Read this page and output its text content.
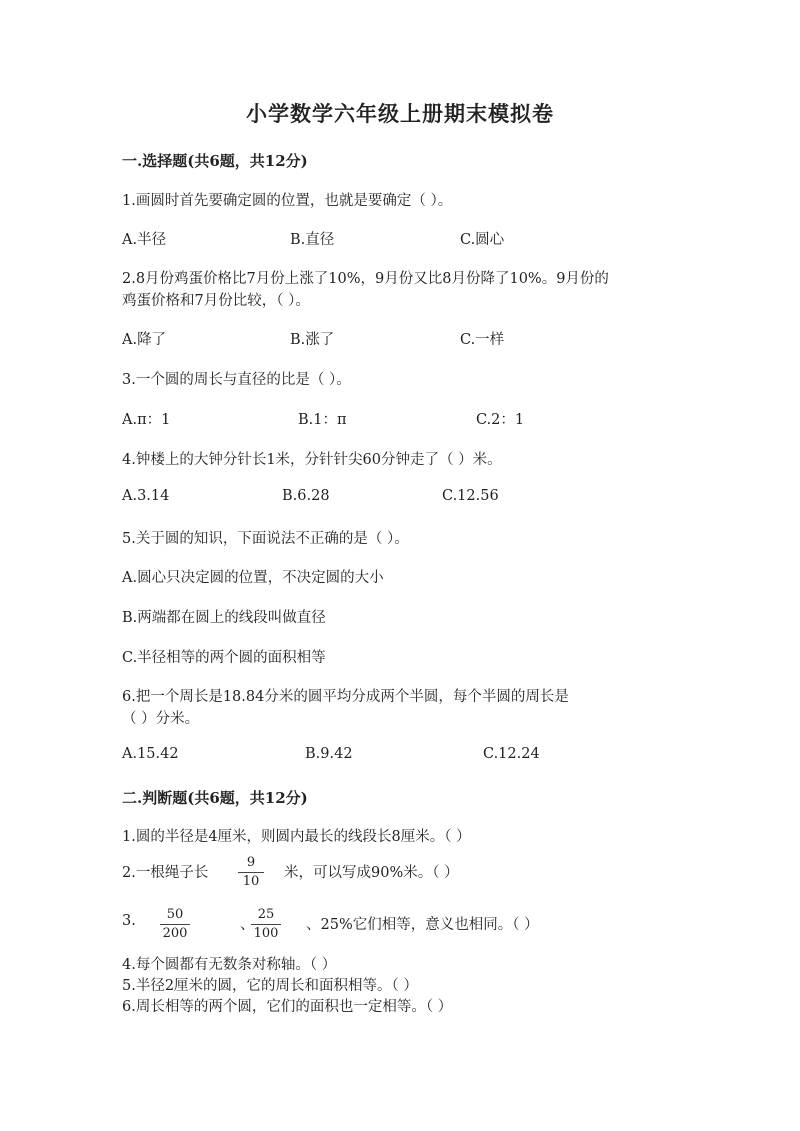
小学数学六年级上册期末模拟卷
一.选择题(共6题，共12分)
1.画圆时首先要确定圆的位置，也就是要确定（ ）。
A.半径	B.直径	C.圆心
2.8月份鸡蛋价格比7月份上涨了10%，9月份又比8月份降了10%。9月份的
鸡蛋价格和7月份比较，（ ）。
A.降了	B.涨了	C.一样
3.一个圆的周长与直径的比是（ ）。
A.π：1	B.1：π	C.2：1
4.钟楼上的大钟分针长1米，分针针尖60分钟走了（ ）米。
A.3.14	B.6.28	C.12.56
5.关于圆的知识，下面说法不正确的是（ ）。
A.圆心只决定圆的位置，不决定圆的大小
B.两端都在圆上的线段叫做直径
C.半径相等的两个圆的面积相等
6.把一个周长是18.84分米的圆平均分成两个半圆，每个半圆的周长是
（ ）分米。
A.15.42	B.9.42	C.12.24
二.判断题(共6题，共12分)
1.圆的半径是4厘米，则圆内最长的线段长8厘米。（ ）
2.一根绳子长
9
10
米，可以写成90%米。（ ）
3.	50
200
、
25
100
、25%它们相等，意义也相同。（ ）
4.每个圆都有无数条对称轴。（ ）
5.半径2厘米的圆，它的周长和面积相等。（ ）
6.周长相等的两个圆，它们的面积也一定相等。（ ）
